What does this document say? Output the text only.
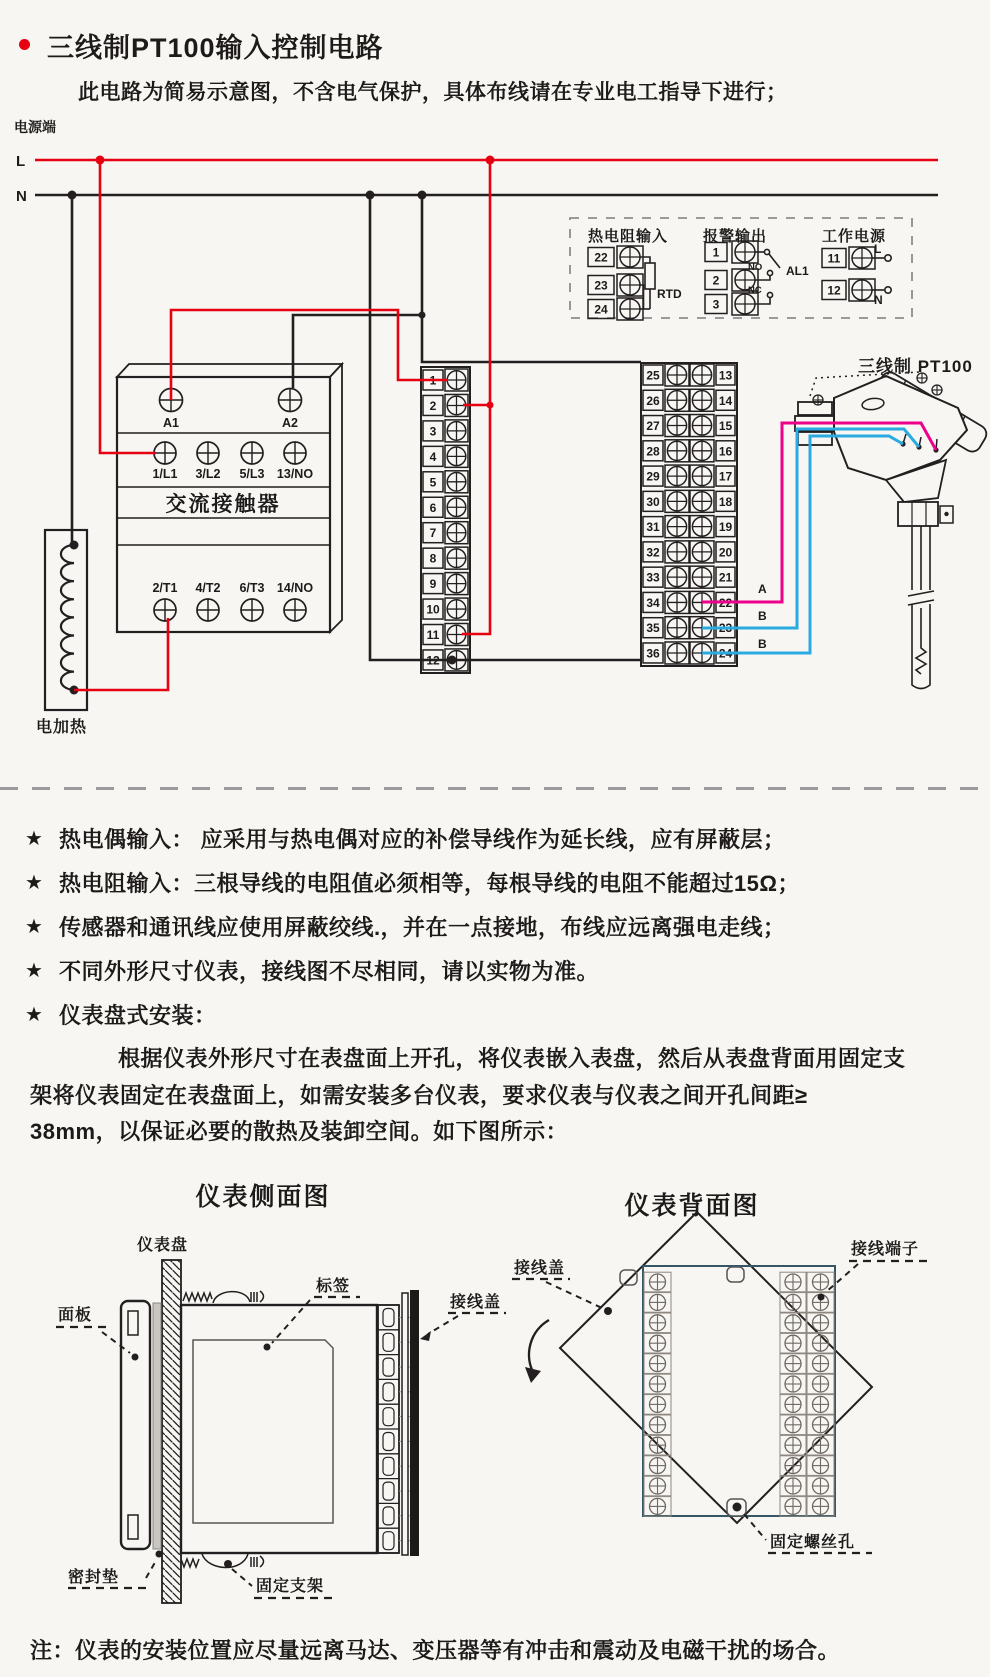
三线制PT100输入控制电路
此电路为简易示意图，不含电气保护，具体布线请在专业电工指导下进行；
电源端
L
N
热电阻输入 报警输出	工作电源
22
23
24
1
2
3
11
12
RTD
NO
NC
AL1
L
N
1
2
3
4
5
6
7
8
9
10
11
12
25	13
26	14
27	15
28	16
29	17
30	18
31	19
32	20
33	21
34	22
35	23
36	24
A1	A2
1/L1 3/L2 5/L3 13/NO
交流接触器
2/T1 4/T2 6/T3 14/NO
电加热
三线制 PT100
A
B
B
★ 热电偶输入： 应采用与热电偶对应的补偿导线作为延长线，应有屏蔽层；
★ 热电阻输入：三根导线的电阻值必须相等，每根导线的电阻不能超过15Ω；
★ 传感器和通讯线应使用屏蔽绞线.，并在一点接地，布线应远离强电走线；
★ 不同外形尺寸仪表，接线图不尽相同，请以实物为准。
★ 仪表盘式安装：
根据仪表外形尺寸在表盘面上开孔，将仪表嵌入表盘，然后从表盘背面用固定支
架将仪表固定在表盘面上，如需安装多台仪表，要求仪表与仪表之间开孔间距≥
38mm，以保证必要的散热及装卸空间。如下图所示：
仪表侧面图	仪表背面图
仪表盘
面板
标签
接线盖
密封垫
固定支架
接线盖
接线端子
固定螺丝孔
注：仪表的安装位置应尽量远离马达、变压器等有冲击和震动及电磁干扰的场合。
